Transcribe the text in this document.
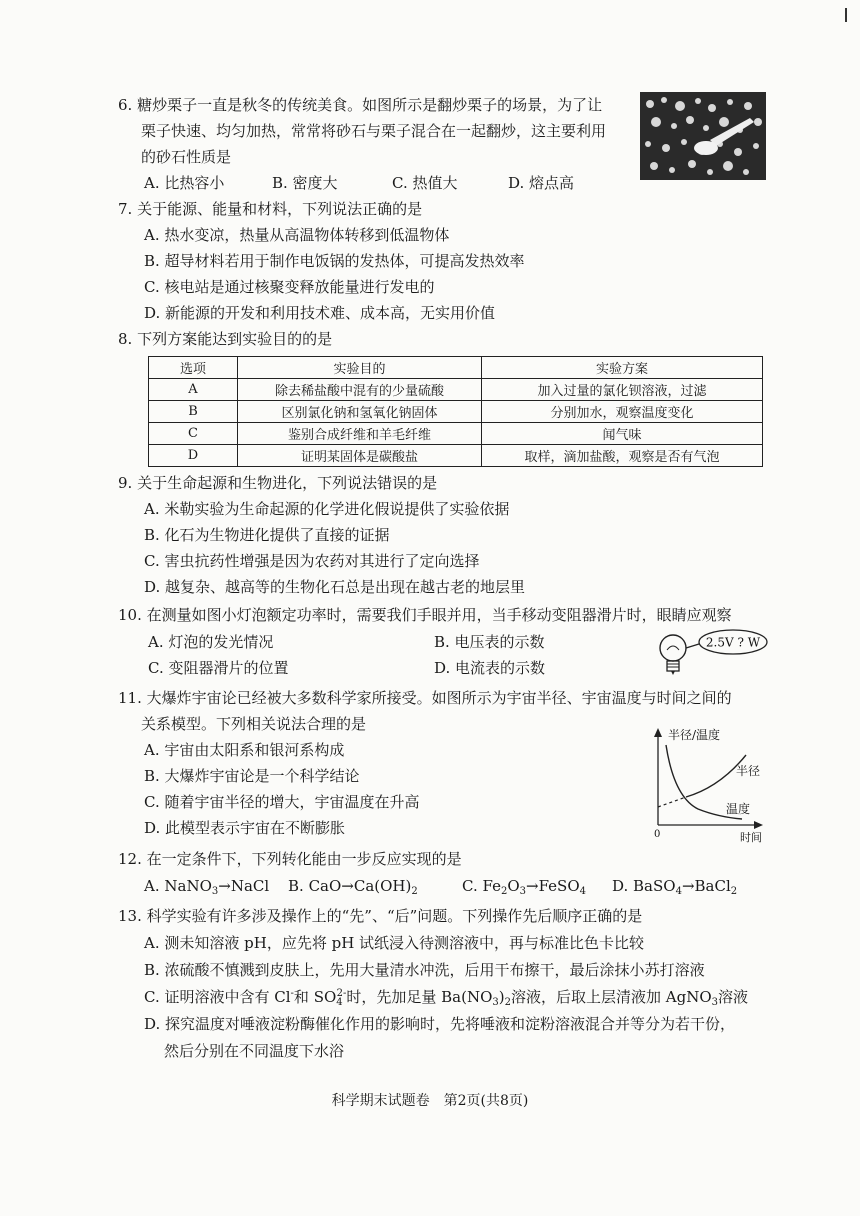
6. 糖炒栗子一直是秋冬的传统美食。如图所示是翻炒栗子的场景，为了让
栗子快速、均匀加热，常常将砂石与栗子混合在一起翻炒，这主要利用
的砂石性质是
A. 比热容小	B. 密度大	C. 热值大	D. 熔点高
7. 关于能源、能量和材料，下列说法正确的是
A. 热水变凉，热量从高温物体转移到低温物体
B. 超导材料若用于制作电饭锅的发热体，可提高发热效率
C. 核电站是通过核聚变释放能量进行发电的
D. 新能源的开发和利用技术难、成本高，无实用价值
8. 下列方案能达到实验目的的是
选项	实验目的	实验方案
A	除去稀盐酸中混有的少量硫酸	加入过量的氯化钡溶液，过滤
B	区别氯化钠和氢氧化钠固体	分别加水，观察温度变化
C	鉴别合成纤维和羊毛纤维	闻气味
D	证明某固体是碳酸盐	取样，滴加盐酸，观察是否有气泡
9. 关于生命起源和生物进化，下列说法错误的是
A. 米勒实验为生命起源的化学进化假说提供了实验依据
B. 化石为生物进化提供了直接的证据
C. 害虫抗药性增强是因为农药对其进行了定向选择
D. 越复杂、越高等的生物化石总是出现在越古老的地层里
10. 在测量如图小灯泡额定功率时，需要我们手眼并用，当手移动变阻器滑片时，眼睛应观察
A. 灯泡的发光情况	B. 电压表的示数
C. 变阻器滑片的位置	D. 电流表的示数
2.5V ? W
11. 大爆炸宇宙论已经被大多数科学家所接受。如图所示为宇宙半径、宇宙温度与时间之间的
关系模型。下列相关说法合理的是
A. 宇宙由太阳系和银河系构成
B. 大爆炸宇宙论是一个科学结论
C. 随着宇宙半径的增大，宇宙温度在升高
D. 此模型表示宇宙在不断膨胀
半径/温度
半径
温度
0	时间
12. 在一定条件下，下列转化能由一步反应实现的是
A. NaNO$_3$→NaCl B. $CaO\to Ca(OH)_2$	C. $Fe_2O_3\to FeSO_4$ D. BaSO$_4$→BaCl$_2$
13. 科学实验有许多涉及操作上的“先”、“后”问题。下列操作先后顺序正确的是
A. 测未知溶液 pH，应先将 pH 试纸浸入待测溶液中，再与标准比色卡比较
B. 浓硫酸不慎溅到皮肤上，先用大量清水冲洗，后用干布擦干，最后涂抹小苏打溶液
C. 证明溶液中含有 Cl-和 $SO_4^{2-}$时，先加足量 $Ba(NO_3)_2$溶液，后取上层清液加 AgNO$_3$溶液
D. 探究温度对唾液淀粉酶催化作用的影响时，先将唾液和淀粉溶液混合并等分为若干份，
然后分别在不同温度下水浴
科学期末试题卷　第2页(共8页)
